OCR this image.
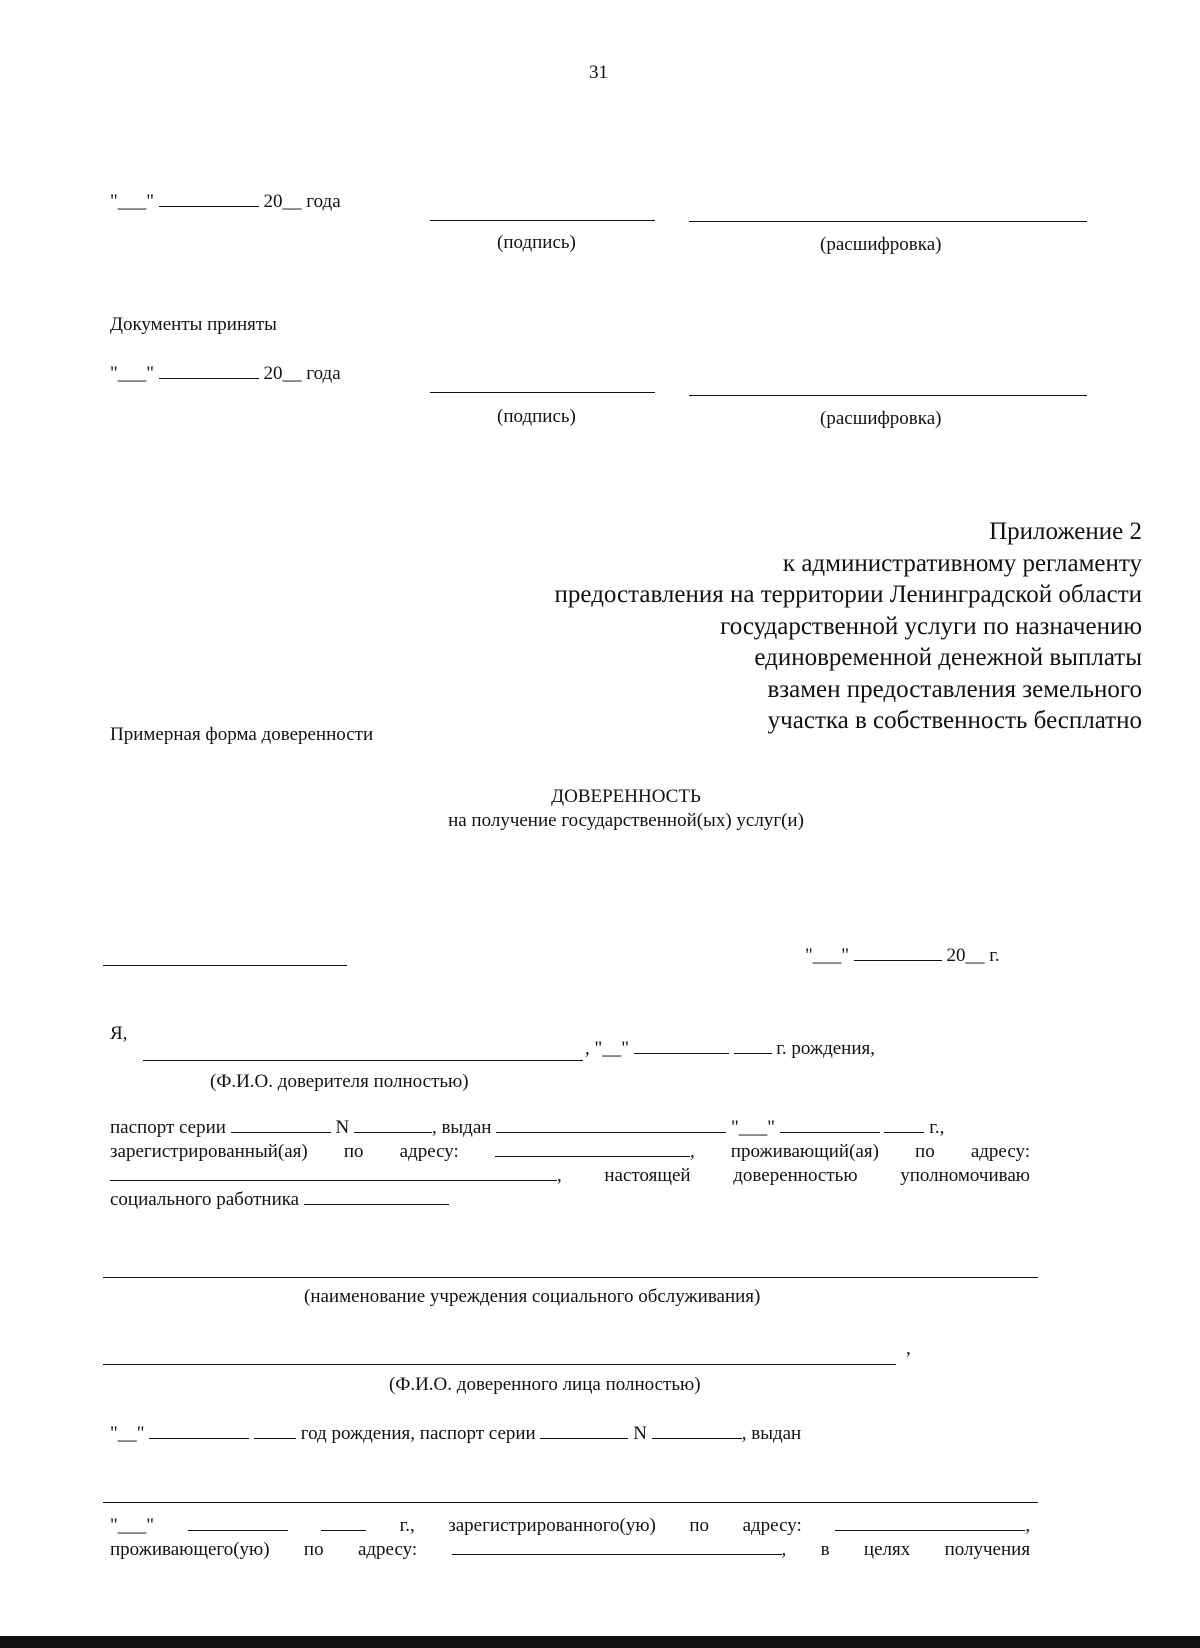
31
"___"	20__ года
(подпись)	(расшифровка)
Документы приняты
"___"	20__ года
(подпись)	(расшифровка)
Приложение 2
к административному регламенту
предоставления на территории Ленинградской области
государственной услуги по назначению
единовременной денежной выплаты
взамен предоставления земельного
участка в собственность бесплатно
Примерная форма доверенности
ДОВЕРЕННОСТЬ
на получение государственной(ых) услуг(и)
"___"	20__ г.
Я,
, "__"	г. рождения,
(Ф.И.О. доверителя полностью)
паспорт серии	N	, выдан	"___"	г.,
зарегистрированный(ая) по адресу:	, проживающий(ая) по адресу:
, настоящей доверенностью уполномочиваю
социального работника
(наименование учреждения социального обслуживания)
,
(Ф.И.О. доверенного лица полностью)
"__"	год рождения, паспорт серии	N	, выдан
"___"	г., зарегистрированного(ую) по адресу:	,
проживающего(ую) по адресу:	, в целях получения
